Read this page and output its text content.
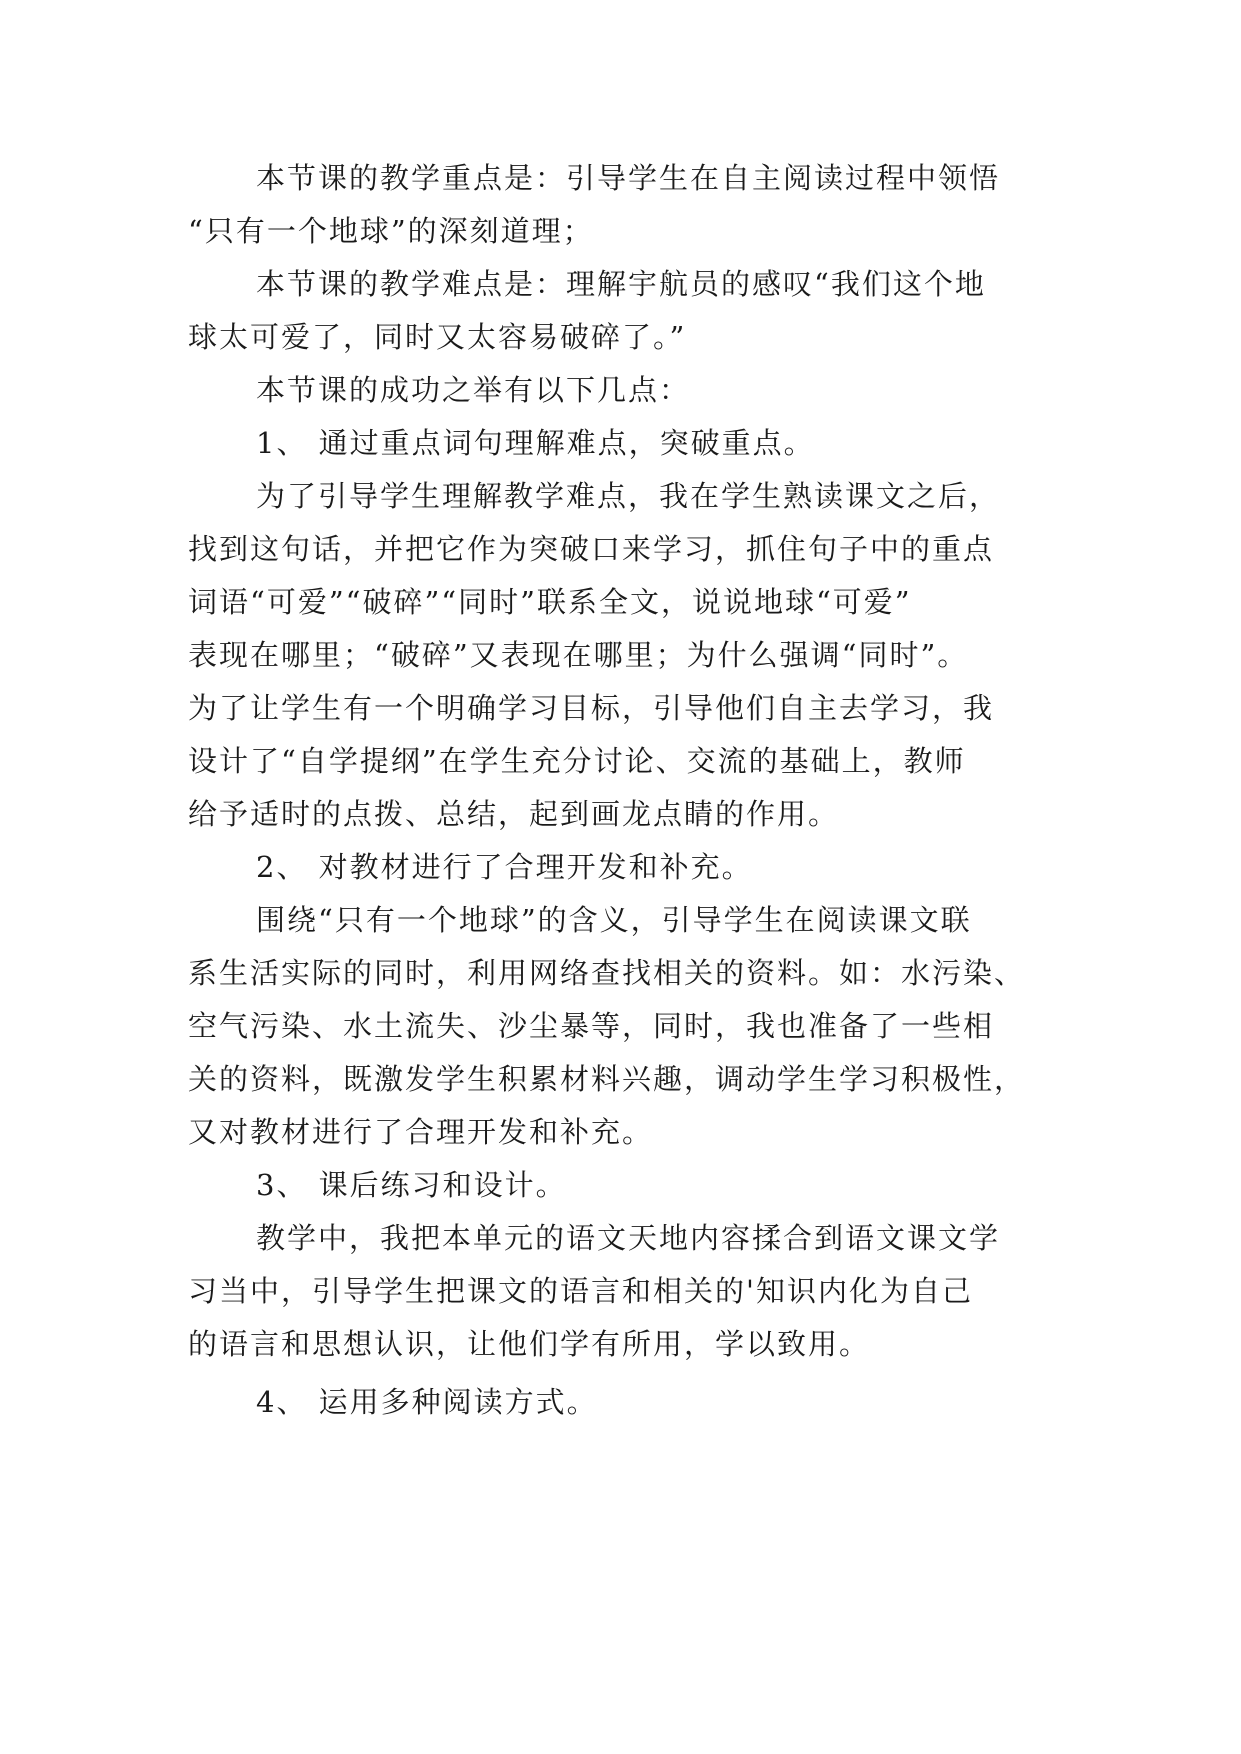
本节课的教学重点是：引导学生在自主阅读过程中领悟
“只有一个地球”的深刻道理；
本节课的教学难点是：理解宇航员的感叹“我们这个地
球太可爱了，同时又太容易破碎了。”
本节课的成功之举有以下几点：
1、 通过重点词句理解难点，突破重点。
为了引导学生理解教学难点，我在学生熟读课文之后，
找到这句话，并把它作为突破口来学习，抓住句子中的重点
词语“可爱”“破碎”“同时”联系全文，说说地球“可爱”
表现在哪里；“破碎”又表现在哪里；为什么强调“同时”。
为了让学生有一个明确学习目标，引导他们自主去学习，我
设计了“自学提纲”在学生充分讨论、交流的基础上，教师
给予适时的点拨、总结，起到画龙点睛的作用。
2、 对教材进行了合理开发和补充。
围绕“只有一个地球”的含义，引导学生在阅读课文联
系生活实际的同时，利用网络查找相关的资料。如：水污染、
空气污染、水土流失、沙尘暴等，同时，我也准备了一些相
关的资料，既激发学生积累材料兴趣，调动学生学习积极性，
又对教材进行了合理开发和补充。
3、 课后练习和设计。
教学中，我把本单元的语文天地内容揉合到语文课文学
习当中，引导学生把课文的语言和相关的'知识内化为自己
的语言和思想认识，让他们学有所用，学以致用。
4、 运用多种阅读方式。
